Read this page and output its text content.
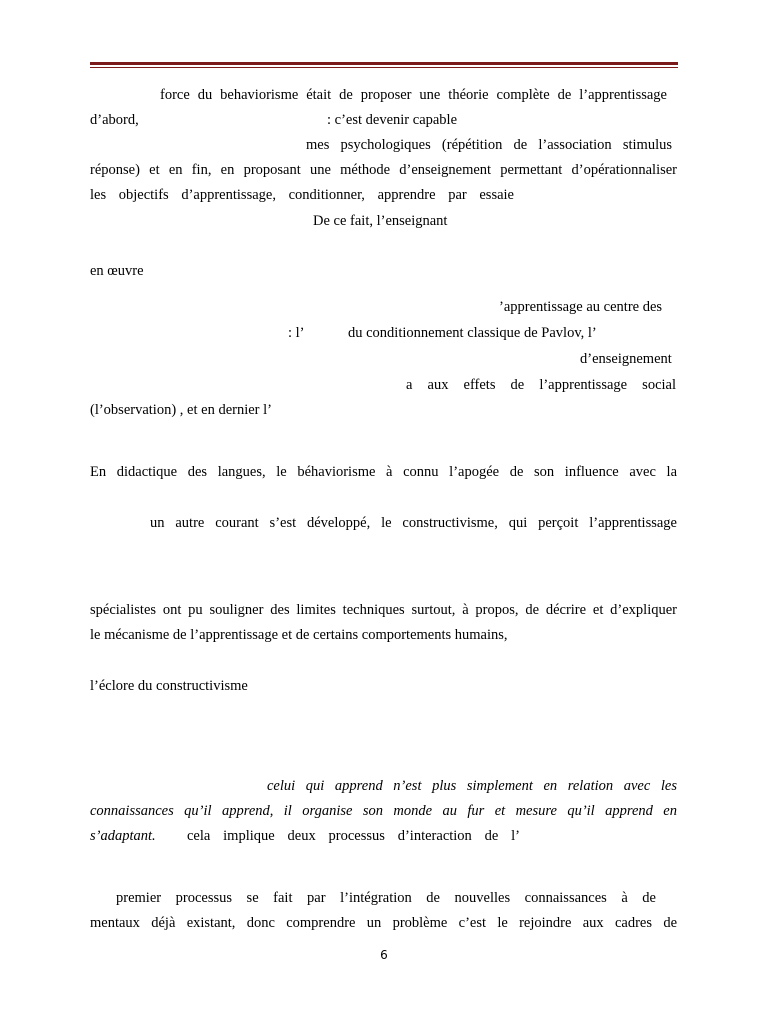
force du behaviorisme était de proposer une théorie complète de l’apprentissage
d’abord,	: c’est devenir capable
mes psychologiques (répétition de l’association stimulus
réponse) et en fin, en proposant une méthode d’enseignement permettant d’opérationnaliser
les objectifs d’apprentissage, conditionner, apprendre par essaie
De ce fait, l’enseignant
en œuvre
’apprentissage au centre des
: l’	du conditionnement classique de Pavlov, l’
d’enseignement
a aux effets de l’apprentissage social
(l’observation) , et en dernier l’
En didactique des langues, le béhaviorisme à connu l’apogée de son influence avec la
un autre courant s’est développé, le constructivisme, qui perçoit l’apprentissage
spécialistes ont pu souligner des limites techniques surtout, à propos, de décrire et d’expliquer
le mécanisme de l’apprentissage et de certains comportements humains,
l’éclore du constructivisme
celui qui apprend n’est plus simplement en relation avec les
connaissances qu’il apprend, il organise son monde au fur et mesure qu’il apprend en
s’adaptant. cela implique deux processus d’interaction de l’
premier processus se fait par l’intégration de nouvelles connaissances à de
mentaux déjà existant, donc comprendre un problème c’est le rejoindre aux cadres de
6
